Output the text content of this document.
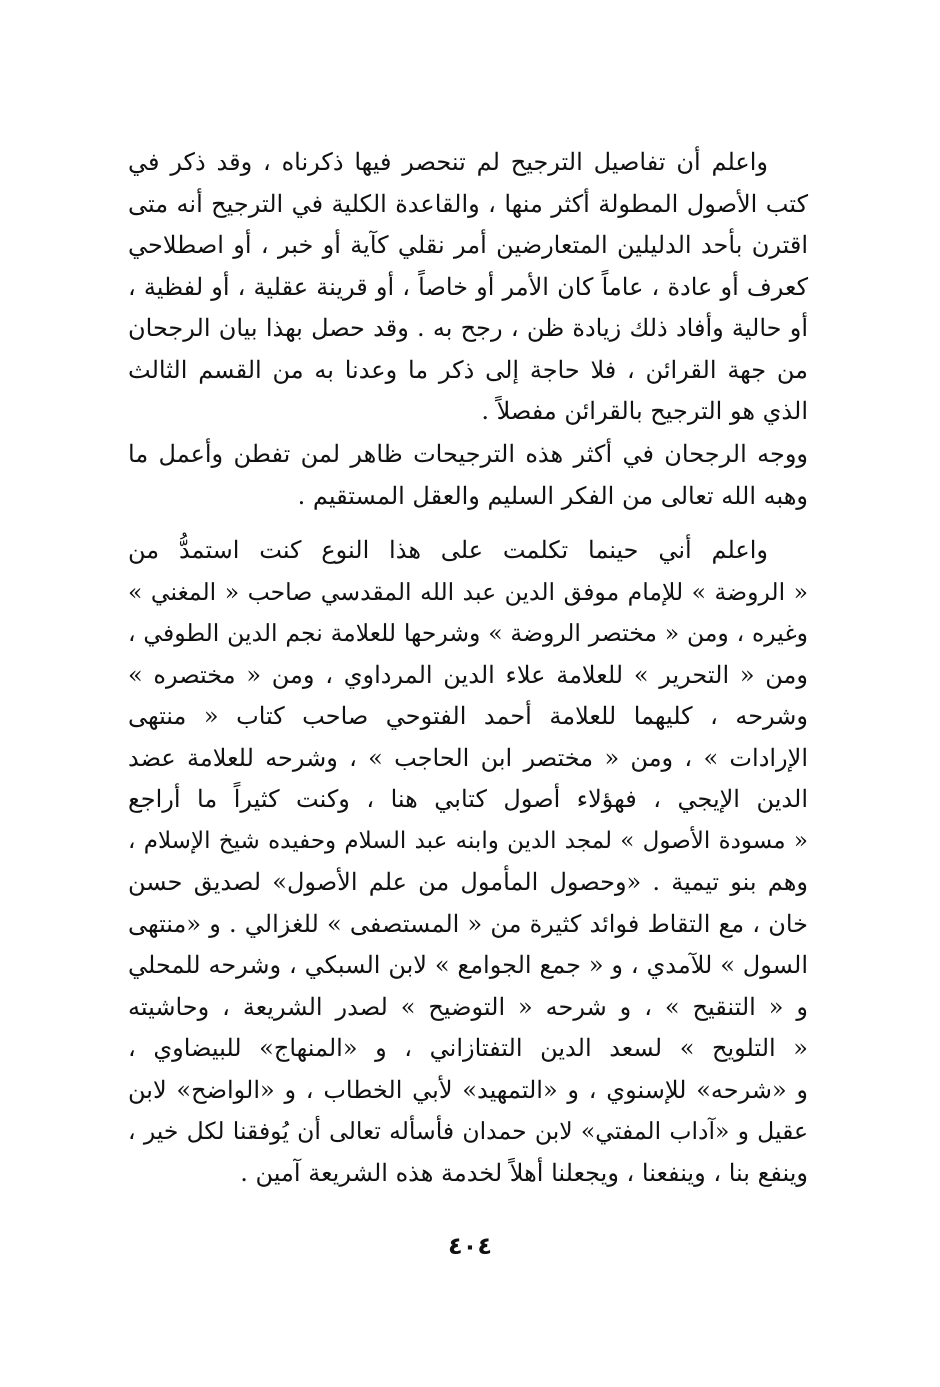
واعلم أن تفاصيل الترجيح لم تنحصر فيها ذكرناه ، وقد ذكر في
كتب الأصول المطولة أكثر منها ، والقاعدة الكلية في الترجيح أنه متى
اقترن بأحد الدليلين المتعارضين أمر نقلي كآية أو خبر ، أو اصطلاحي
كعرف أو عادة ، عاماً كان الأمر أو خاصاً ، أو قرينة عقلية ، أو لفظية ،
أو حالية وأفاد ذلك زيادة ظن ، رجح به . وقد حصل بهذا بيان الرجحان
من جهة القرائن ، فلا حاجة إلى ذكر ما وعدنا به من القسم الثالث
الذي هو الترجيح بالقرائن مفصلاً .
ووجه الرجحان في أكثر هذه الترجيحات ظاهر لمن تفطن وأعمل ما
وهبه الله تعالى من الفكر السليم والعقل المستقيم .
واعلم أني حينما تكلمت على هذا النوع كنت استمدُّ من
« الروضة » للإمام موفق الدين عبد الله المقدسي صاحب « المغني »
وغيره ، ومن « مختصر الروضة » وشرحها للعلامة نجم الدين الطوفي ،
ومن « التحرير » للعلامة علاء الدين المرداوي ، ومن « مختصره »
وشرحه ، كليهما للعلامة أحمد الفتوحي صاحب كتاب « منتهى
الإرادات » ، ومن « مختصر ابن الحاجب » ، وشرحه للعلامة عضد
الدين الإيجي ، فهؤلاء أصول كتابي هنا ، وكنت كثيراً ما أراجع
« مسودة الأصول » لمجد الدين وابنه عبد السلام وحفيده شيخ الإسلام ،
وهم بنو تيمية . «وحصول المأمول من علم الأصول» لصديق حسن
خان ، مع التقاط فوائد كثيرة من « المستصفى » للغزالي . و «منتهى
السول » للآمدي ، و « جمع الجوامع » لابن السبكي ، وشرحه للمحلي
و « التنقيح » ، و شرحه « التوضيح » لصدر الشريعة ، وحاشيته
« التلويح » لسعد الدين التفتازاني ، و «المنهاج» للبيضاوي ،
و «شرحه» للإسنوي ، و «التمهيد» لأبي الخطاب ، و «الواضح» لابن
عقيل و «آداب المفتي» لابن حمدان فأسأله تعالى أن يُوفقنا لكل خير ،
وينفع بنا ، وينفعنا ، ويجعلنا أهلاً لخدمة هذه الشريعة آمين .
٤٠٤
